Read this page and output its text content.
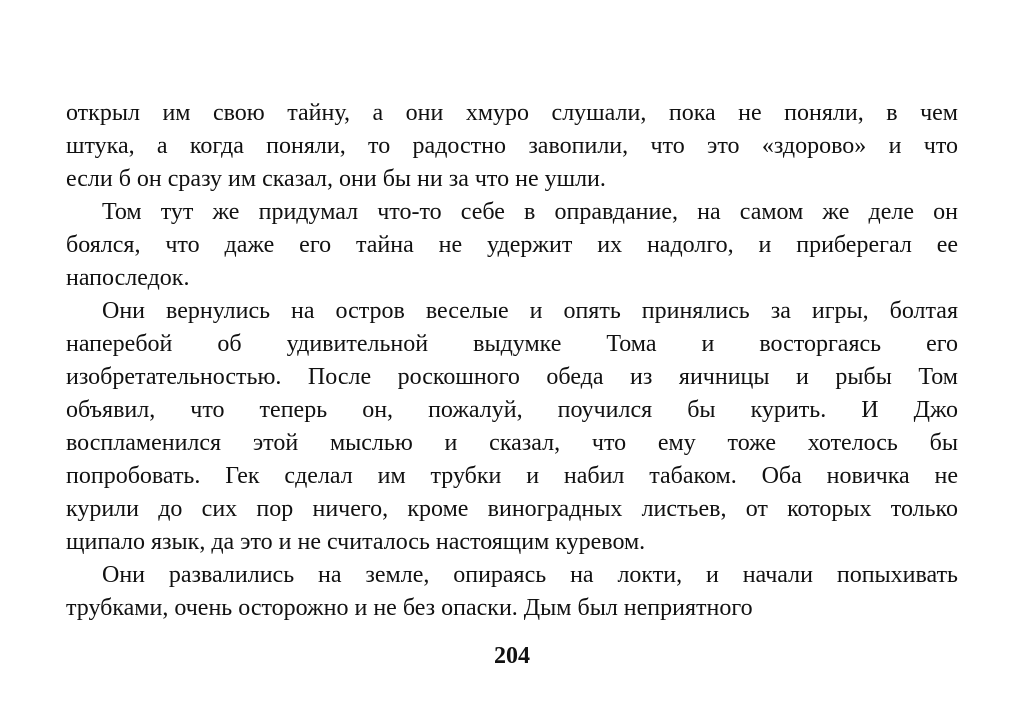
открыл им свою тайну, а они хмуро слушали, пока не поняли, в чем
штука, а когда поняли, то радостно завопили, что это «здорово» и что
если б он сразу им сказал, они бы ни за что не ушли.
Том тут же придумал что-то себе в оправдание, на самом же деле он
боялся, что даже его тайна не удержит их надолго, и приберегал ее
напоследок.
Они вернулись на остров веселые и опять принялись за игры, болтая
наперебой об удивительной выдумке Тома и восторгаясь его
изобретательностью. После роскошного обеда из яичницы и рыбы Том
объявил, что теперь он, пожалуй, поучился бы курить. И Джо
воспламенился этой мыслью и сказал, что ему тоже хотелось бы
попробовать. Гек сделал им трубки и набил табаком. Оба новичка не
курили до сих пор ничего, кроме виноградных листьев, от которых только
щипало язык, да это и не считалось настоящим куревом.
Они развалились на земле, опираясь на локти, и начали попыхивать
трубками, очень осторожно и не без опаски. Дым был неприятного
204
